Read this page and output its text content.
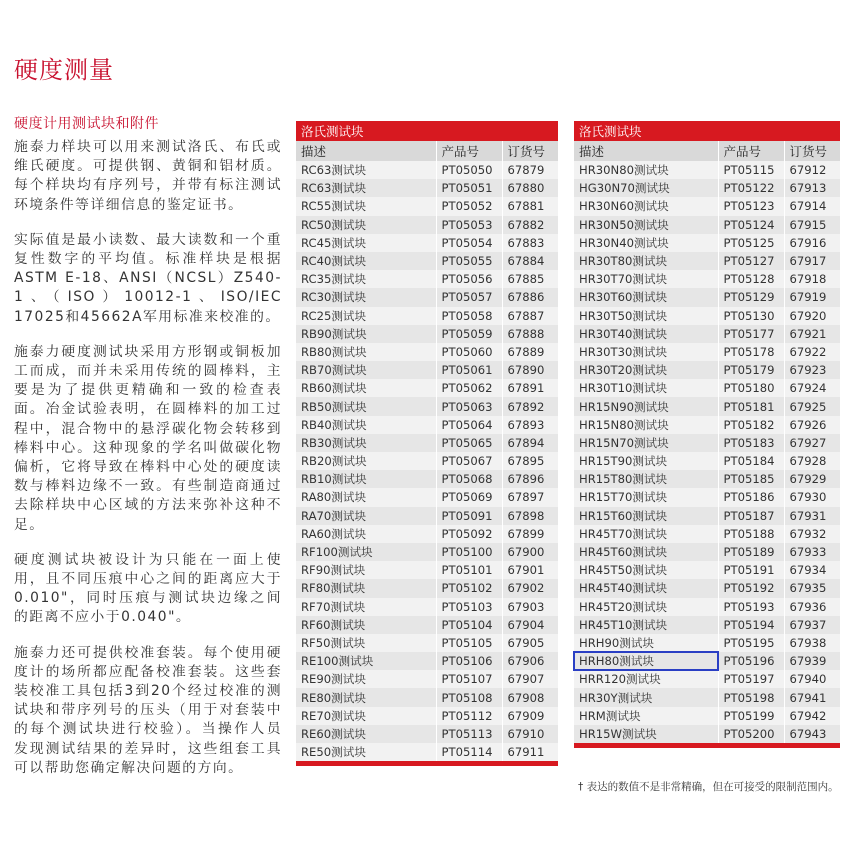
硬度测量
硬度计用测试块和附件

施泰力样块可以用来测试洛氏、布氏或维氏硬度。可提供钢、黄铜和铝材质。每个样块均有序列号，并带有标注测试环境条件等详细信息的鉴定证书。

实际值是最小读数、最大读数和一个重复性数字的平均值。标准样块是根据ASTM E-18、ANSI（NCSL）Z540-1、（ISO）10012-1、ISO/IEC 17025和45662A军用标准来校准的。

施泰力硬度测试块采用方形钢或铜板加工而成，而并未采用传统的圆棒料，主要是为了提供更精确和一致的检查表面。冶金试验表明，在圆棒料的加工过程中，混合物中的悬浮碳化物会转移到棒料中心。这种现象的学名叫做碳化物偏析，它将导致在棒料中心处的硬度读数与棒料边缘不一致。有些制造商通过去除样块中心区域的方法来弥补这种不足。

硬度测试块被设计为只能在一面上使用，且不同压痕中心之间的距离应大于0.010"，同时压痕与测试块边缘之间的距离不应小于0.040"。

施泰力还可提供校准套装。每个使用硬度计的场所都应配备校准套装。这些套装校准工具包括3到20个经过校准的测试块和带序列号的压头（用于对套装中的每个测试块进行校验）。当操作人员发现测试结果的差异时，这些组套工具可以帮助您确定解决问题的方向。

洛氏测试块		
描述	产品号	订货号
RC63测试块	PT05050	67879
RC63测试块	PT05051	67880
RC55测试块	PT05052	67881
RC50测试块	PT05053	67882
RC45测试块	PT05054	67883
RC40测试块	PT05055	67884
RC35测试块	PT05056	67885
RC30测试块	PT05057	67886
RC25测试块	PT05058	67887
RB90测试块	PT05059	67888
RB80测试块	PT05060	67889
RB70测试块	PT05061	67890
RB60测试块	PT05062	67891
RB50测试块	PT05063	67892
RB40测试块	PT05064	67893
RB30测试块	PT05065	67894
RB20测试块	PT05067	67895
RB10测试块	PT05068	67896
RA80测试块	PT05069	67897
RA70测试块	PT05091	67898
RA60测试块	PT05092	67899
RF100测试块	PT05100	67900
RF90测试块	PT05101	67901
RF80测试块	PT05102	67902
RF70测试块	PT05103	67903
RF60测试块	PT05104	67904
RF50测试块	PT05105	67905
RE100测试块	PT05106	67906
RE90测试块	PT05107	67907
RE80测试块	PT05108	67908
RE70测试块	PT05112	67909
RE60测试块	PT05113	67910
RE50测试块	PT05114	67911

洛氏测试块		
描述	产品号	订货号
HR30N80测试块	PT05115	67912
HG30N70测试块	PT05122	67913
HR30N60测试块	PT05123	67914
HR30N50测试块	PT05124	67915
HR30N40测试块	PT05125	67916
HR30T80测试块	PT05127	67917
HR30T70测试块	PT05128	67918
HR30T60测试块	PT05129	67919
HR30T50测试块	PT05130	67920
HR30T40测试块	PT05177	67921
HR30T30测试块	PT05178	67922
HR30T20测试块	PT05179	67923
HR30T10测试块	PT05180	67924
HR15N90测试块	PT05181	67925
HR15N80测试块	PT05182	67926
HR15N70测试块	PT05183	67927
HR15T90测试块	PT05184	67928
HR15T80测试块	PT05185	67929
HR15T70测试块	PT05186	67930
HR15T60测试块	PT05187	67931
HR45T70测试块	PT05188	67932
HR45T60测试块	PT05189	67933
HR45T50测试块	PT05191	67934
HR45T40测试块	PT05192	67935
HR45T20测试块	PT05193	67936
HR45T10测试块	PT05194	67937
HRH90测试块	PT05195	67938
HRH80测试块	PT05196	67939
HRR120测试块	PT05197	67940
HR30Y测试块	PT05198	67941
HRM测试块	PT05199	67942
HR15W测试块	PT05200	67943

† 表达的数值不是非常精确，但在可接受的限制范围内。
